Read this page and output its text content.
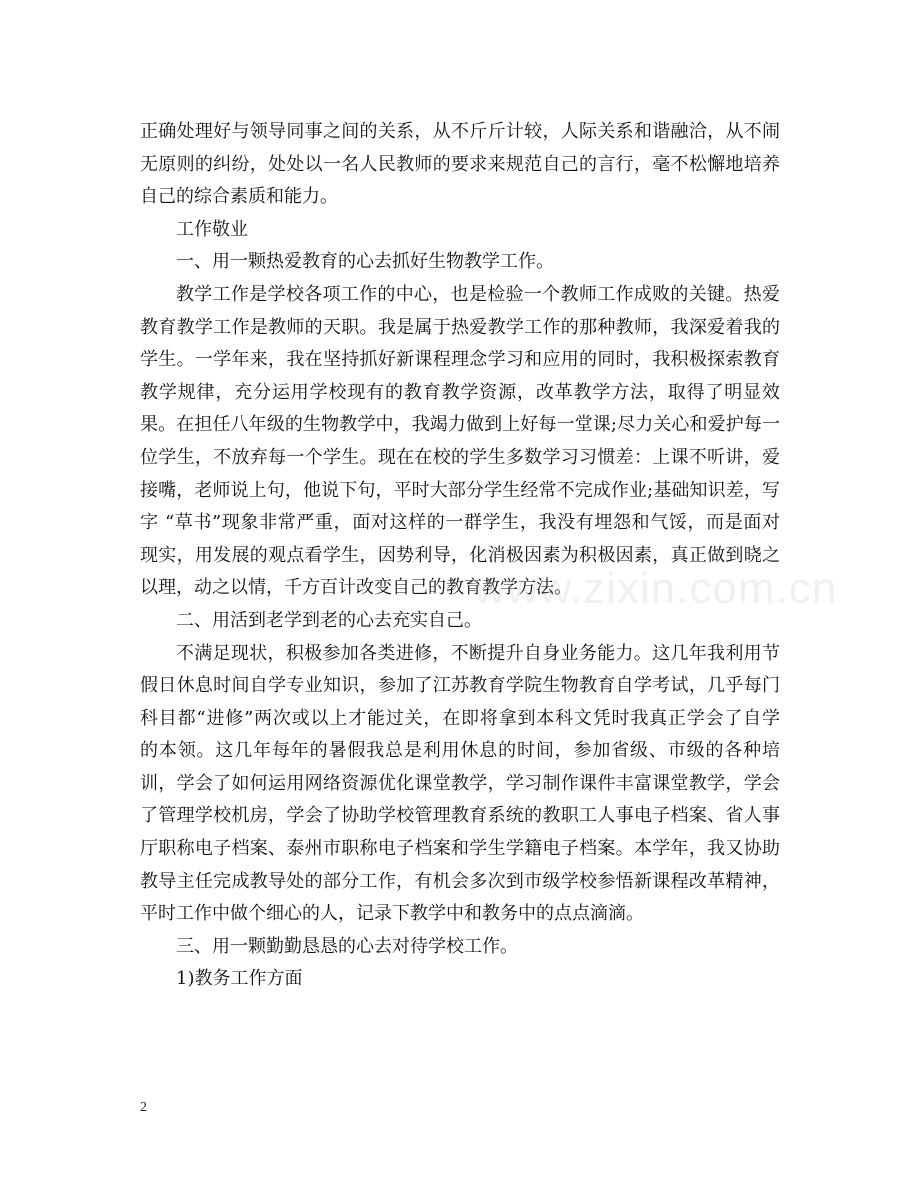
正确处理好与领导同事之间的关系，从不斤斤计较，人际关系和谐融洽，从不闹
无原则的纠纷，处处以一名人民教师的要求来规范自己的言行，毫不松懈地培养
自己的综合素质和能力。
工作敬业
一、用一颗热爱教育的心去抓好生物教学工作。
教学工作是学校各项工作的中心，也是检验一个教师工作成败的关键。热爱
教育教学工作是教师的天职。我是属于热爱教学工作的那种教师，我深爱着我的
学生。一学年来，我在坚持抓好新课程理念学习和应用的同时，我积极探索教育
教学规律，充分运用学校现有的教育教学资源，改革教学方法，取得了明显效
果。在担任八年级的生物教学中，我竭力做到上好每一堂课;尽力关心和爱护每一
位学生，不放弃每一个学生。现在在校的学生多数学习习惯差：上课不听讲，爱
接嘴，老师说上句，他说下句，平时大部分学生经常不完成作业;基础知识差，写
字 “草书”现象非常严重，面对这样的一群学生，我没有埋怨和气馁，而是面对
现实，用发展的观点看学生，因势利导，化消极因素为积极因素，真正做到晓之
以理，动之以情，千方百计改变自己的教育教学方法。
二、用活到老学到老的心去充实自己。
不满足现状，积极参加各类进修，不断提升自身业务能力。这几年我利用节
假日休息时间自学专业知识，参加了江苏教育学院生物教育自学考试，几乎每门
科目都“进修”两次或以上才能过关，在即将拿到本科文凭时我真正学会了自学
的本领。这几年每年的暑假我总是利用休息的时间，参加省级、市级的各种培
训，学会了如何运用网络资源优化课堂教学，学习制作课件丰富课堂教学，学会
了管理学校机房，学会了协助学校管理教育系统的教职工人事电子档案、省人事
厅职称电子档案、泰州市职称电子档案和学生学籍电子档案。本学年，我又协助
教导主任完成教导处的部分工作，有机会多次到市级学校参悟新课程改革精神，
平时工作中做个细心的人，记录下教学中和教务中的点点滴滴。
三、用一颗勤勤恳恳的心去对待学校工作。
1)教务工作方面
www.zixin.com.cn
2
